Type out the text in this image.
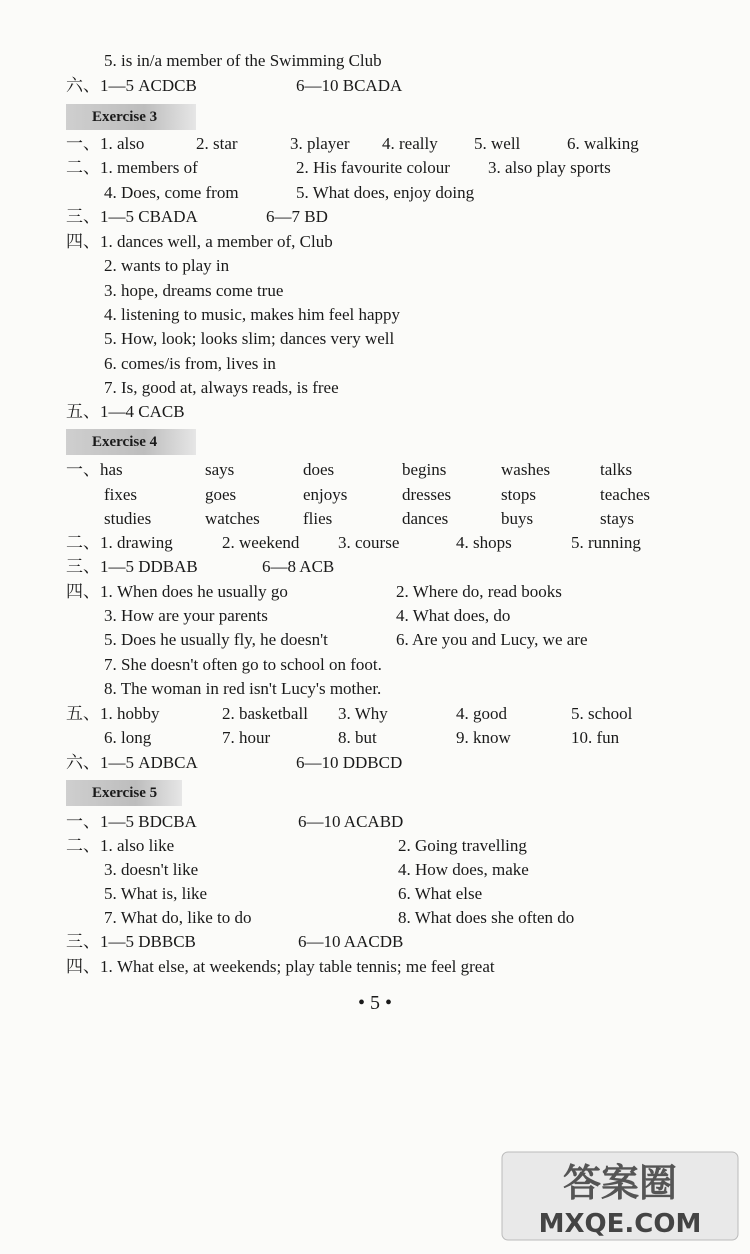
5. is in/a member of the Swimming Club
六、1—5 ACDCB	6—10 BCADA
Exercise 3
一、1. also	2. star	3. player 4. really 5. well	6. walking
二、1. members of	2. His favourite colour 3. also play sports
4. Does, come from	5. What does, enjoy doing
三、1—5 CBADA	6—7 BD
四、1. dances well, a member of, Club
2. wants to play in
3. hope, dreams come true
4. listening to music, makes him feel happy
5. How, look; looks slim; dances very well
6. comes/is from, lives in
7. Is, good at, always reads, is free
五、1—4 CACB
Exercise 4
一、has	says	does	begins	washes	talks
fixes	goes	enjoys	dresses	stops	teaches
studies	watches	flies	dances	buys	stays
二、1. drawing	2. weekend 3. course	4. shops	5. running
三、1—5 DDBAB	6—8 ACB
四、1. When does he usually go	2. Where do, read books
3. How are your parents	4. What does, do
5. Does he usually fly, he doesn't	6. Are you and Lucy, we are
7. She doesn't often go to school on foot.
8. The woman in red isn't Lucy's mother.
五、1. hobby	2. basketball 3. Why	4. good	5. school
6. long	7. hour	8. but	9. know	10. fun
六、1—5 ADBCA	6—10 DDBCD
Exercise 5
一、1—5 BDCBA	6—10 ACABD
二、1. also like	2. Going travelling
3. doesn't like	4. How does, make
5. What is, like	6. What else
7. What do, like to do	8. What does she often do
三、1—5 DBBCB	6—10 AACDB
四、1. What else, at weekends; play table tennis; me feel great
• 5 •
答案圈
MXQE.COM
